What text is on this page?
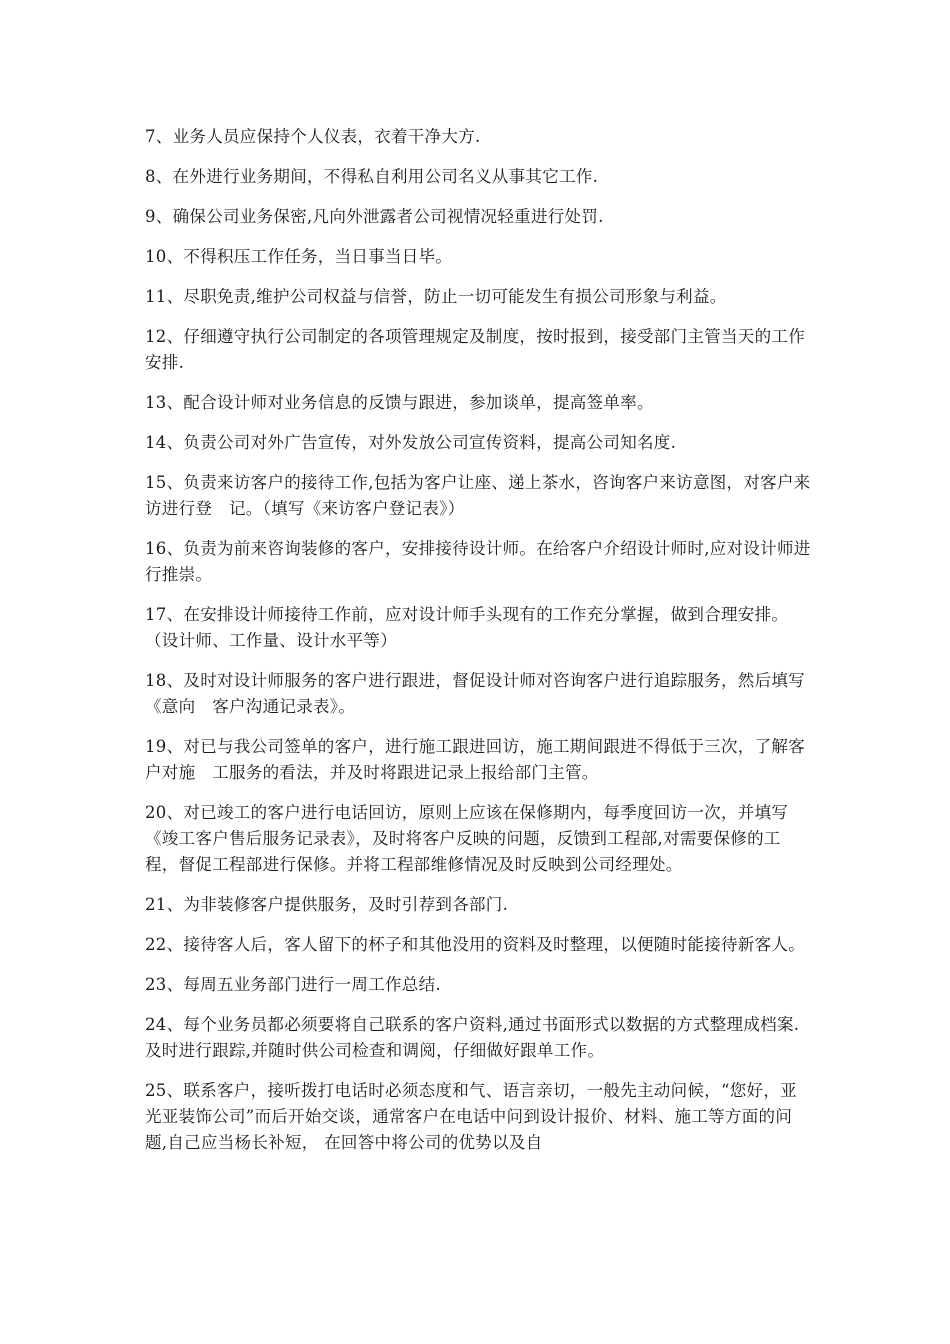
7、业务人员应保持个人仪表，衣着干净大方.

8、在外进行业务期间，不得私自利用公司名义从事其它工作.

9、确保公司业务保密,凡向外泄露者公司视情况轻重进行处罚.

10、不得积压工作任务，当日事当日毕。

11、尽职免责,维护公司权益与信誉，防止一切可能发生有损公司形象与利益。

12、仔细遵守执行公司制定的各项管理规定及制度，按时报到，接受部门主管当天的工作安排.

13、配合设计师对业务信息的反馈与跟进，参加谈单，提高签单率。

14、负责公司对外广告宣传，对外发放公司宣传资料，提高公司知名度.

15、负责来访客户的接待工作,包括为客户让座、递上茶水，咨询客户来访意图，对客户来访进行登　记。（填写《来访客户登记表》）

16、负责为前来咨询装修的客户，安排接待设计师。在给客户介绍设计师时,应对设计师进行推崇。

17、在安排设计师接待工作前，应对设计师手头现有的工作充分掌握，做到合理安排。（设计师、工作量、设计水平等）

18、及时对设计师服务的客户进行跟进，督促设计师对咨询客户进行追踪服务，然后填写《意向　客户沟通记录表》。

19、对已与我公司签单的客户，进行施工跟进回访，施工期间跟进不得低于三次，了解客户对施　工服务的看法，并及时将跟进记录上报给部门主管。

20、对已竣工的客户进行电话回访，原则上应该在保修期内，每季度回访一次，并填写《竣工客户售后服务记录表》，及时将客户反映的问题，反馈到工程部,对需要保修的工程，督促工程部进行保修。并将工程部维修情况及时反映到公司经理处。

21、为非装修客户提供服务，及时引荐到各部门.

22、接待客人后，客人留下的杯子和其他没用的资料及时整理，以便随时能接待新客人。

23、每周五业务部门进行一周工作总结.

24、每个业务员都必须要将自己联系的客户资料,通过书面形式以数据的方式整理成档案.及时进行跟踪,并随时供公司检查和调阅，仔细做好跟单工作。

25、联系客户，接听拨打电话时必须态度和气、语言亲切，一般先主动问候，“您好，亚光亚装饰公司”而后开始交谈，通常客户在电话中问到设计报价、材料、施工等方面的问题,自己应当杨长补短， 在回答中将公司的优势以及自
